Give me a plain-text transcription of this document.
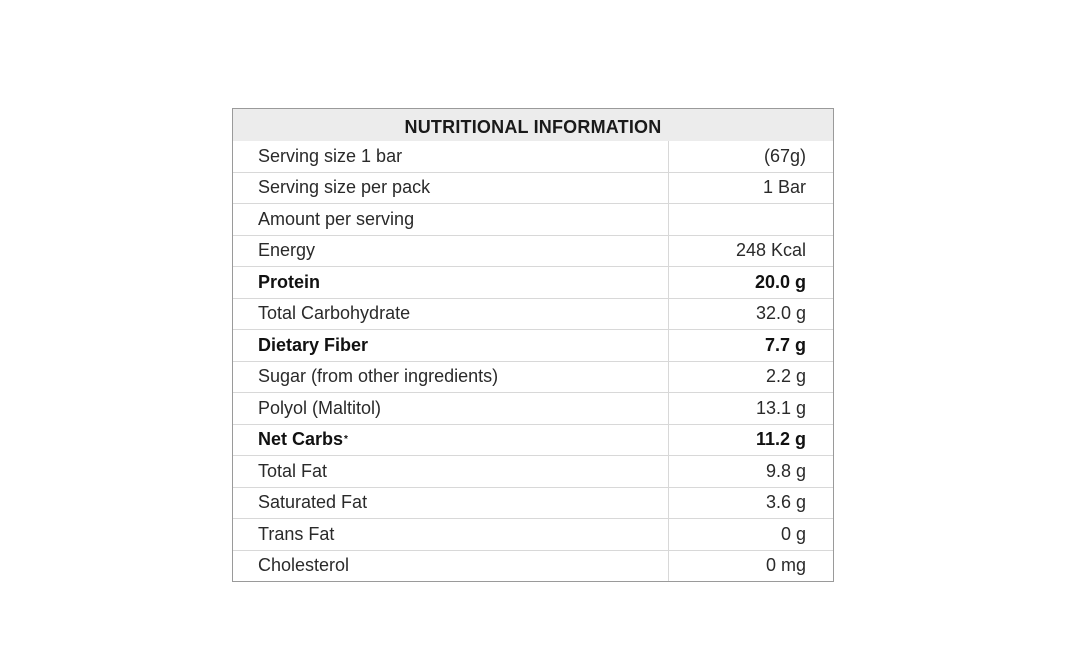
NUTRITIONAL INFORMATION
Serving size 1 bar	(67g)
Serving size per pack	1 Bar
Amount per serving
Energy	248 Kcal
Protein	20.0 g
Total Carbohydrate	32.0 g
Dietary Fiber	7.7 g
Sugar (from other ingredients)	2.2 g
Polyol (Maltitol)	13.1 g
Net Carbs *	11.2 g
Total Fat	9.8 g
Saturated Fat	3.6 g
Trans Fat	0 g
Cholesterol	0 mg
